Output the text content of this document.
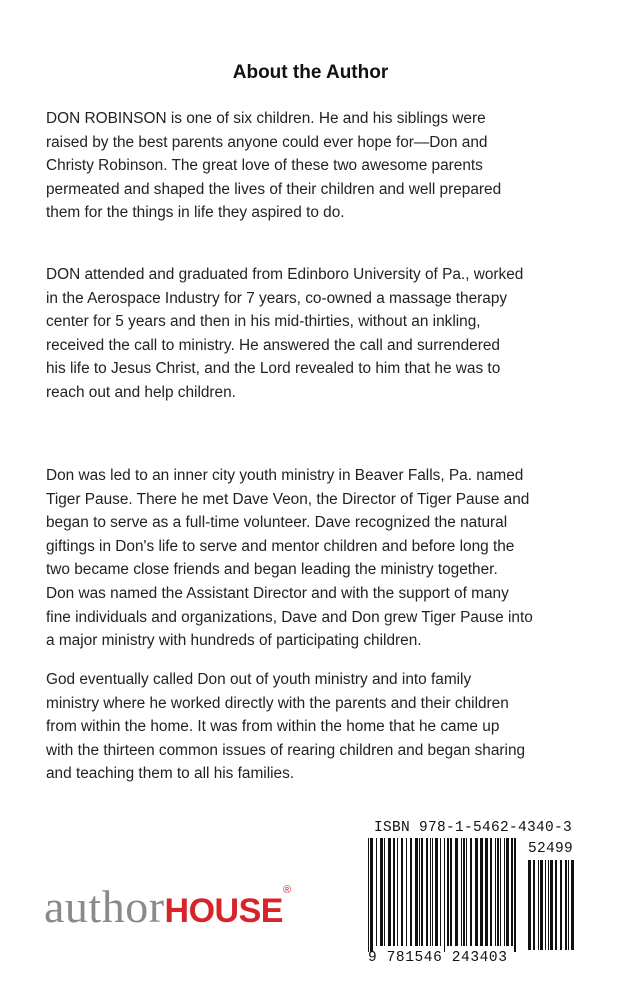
About the Author

DON ROBINSON is one of six children. He and his siblings were
raised by the best parents anyone could ever hope for—Don and
Christy Robinson. The great love of these two awesome parents
permeated and shaped the lives of their children and well prepared
them for the things in life they aspired to do.

DON attended and graduated from Edinboro University of Pa., worked
in the Aerospace Industry for 7 years, co-owned a massage therapy
center for 5 years and then in his mid-thirties, without an inkling,
received the call to ministry. He answered the call and surrendered
his life to Jesus Christ, and the Lord revealed to him that he was to
reach out and help children.

Don was led to an inner city youth ministry in Beaver Falls, Pa. named
Tiger Pause. There he met Dave Veon, the Director of Tiger Pause and
began to serve as a full-time volunteer. Dave recognized the natural
giftings in Don's life to serve and mentor children and before long the
two became close friends and began leading the ministry together.
Don was named the Assistant Director and with the support of many
fine individuals and organizations, Dave and Don grew Tiger Pause into
a major ministry with hundreds of participating children.

God eventually called Don out of youth ministry and into family
ministry where he worked directly with the parents and their children
from within the home. It was from within the home that he came up
with the thirteen common issues of rearing children and began sharing
and teaching them to all his families.

authorHOUSE®
ISBN 978-1-5462-4340-3
52499
9 781546 243403
